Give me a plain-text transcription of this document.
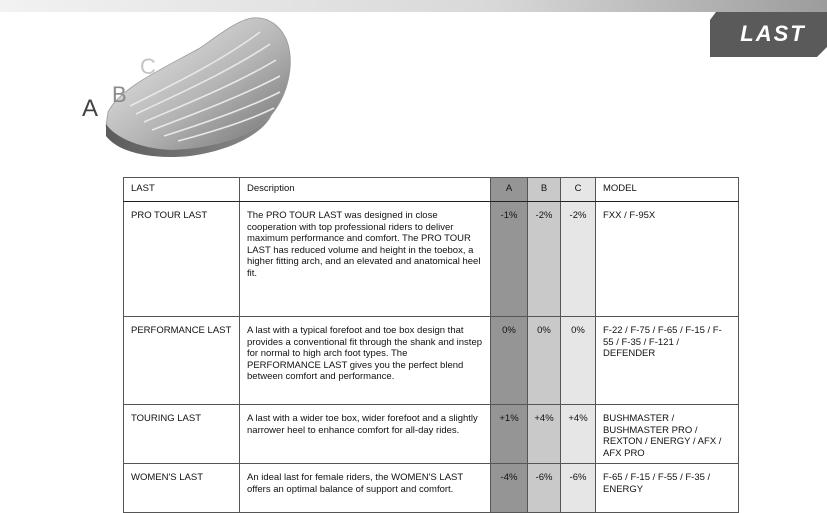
LAST
A
B
C
LAST	Description	A	B	C	MODEL
PRO TOUR LAST	The PRO TOUR LAST was designed in close cooperation with top professional riders to deliver maximum performance and comfort. The PRO TOUR LAST has reduced volume and height in the toebox, a higher fitting arch, and an elevated and anatomical heel fit.	-1%	-2%	-2%	FXX / F-95X
PERFORMANCE LAST	A last with a typical forefoot and toe box design that provides a conventional fit through the shank and instep for normal to high arch foot types. The PERFORMANCE LAST gives you the perfect blend between comfort and performance.	0%	0%	0%	F-22 / F-75 / F-65 / F-15 / F-55 / F-35 / F-121 / DEFENDER
TOURING LAST	A last with a wider toe box, wider forefoot and a slightly narrower heel to enhance comfort for all-day rides.	+1%	+4%	+4%	BUSHMASTER / BUSHMASTER PRO / REXTON / ENERGY / AFX / AFX PRO
WOMEN'S LAST	An ideal last for female riders, the WOMEN'S LAST offers an optimal balance of support and comfort.	-4%	-6%	-6%	F-65 / F-15 / F-55 / F-35 / ENERGY
